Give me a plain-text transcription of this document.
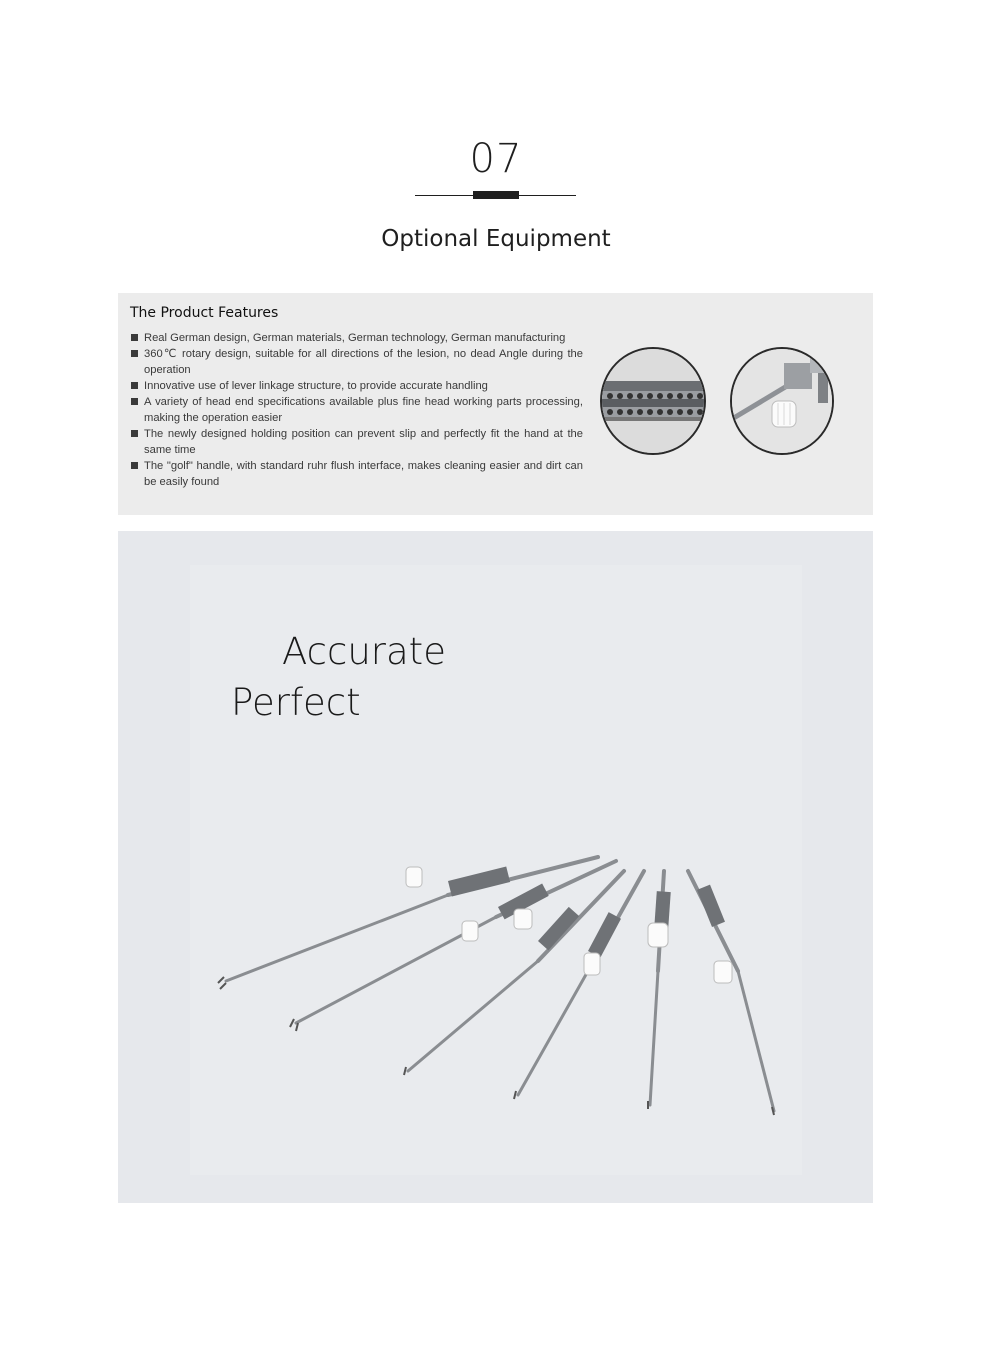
07
Optional Equipment
The Product Features
Real German design, German materials, German technology, German manufacturing
360℃ rotary design, suitable for all directions of the lesion, no dead Angle during the operation
Innovative use of lever linkage structure, to provide accurate handling
A variety of head end specifications available plus fine head working parts processing, making the operation easier
The newly designed holding position can prevent slip and perfectly fit the hand at the same time
The "golf" handle, with standard ruhr flush interface, makes cleaning easier and dirt can be easily found
Accurate
Perfect
